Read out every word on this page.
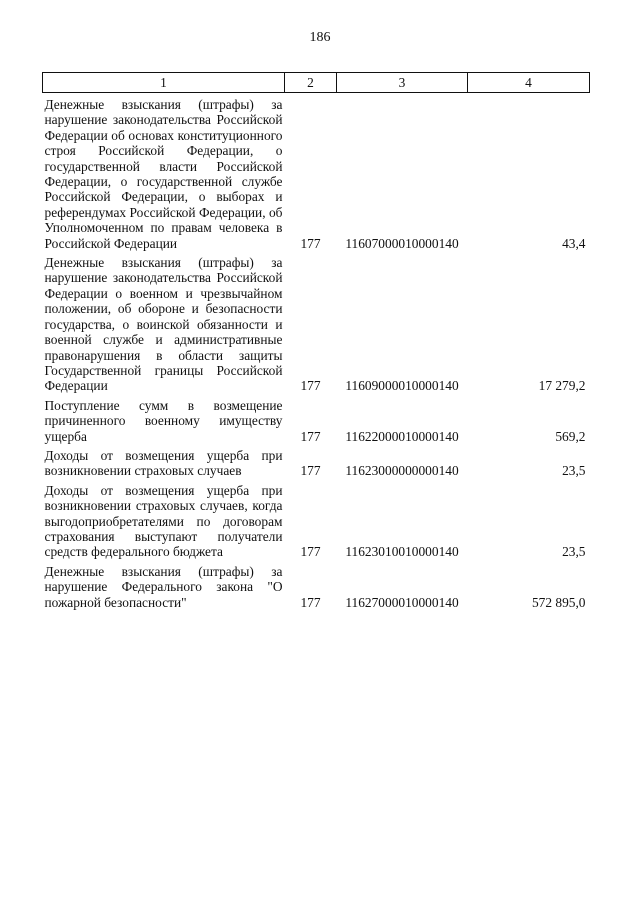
186
1	2	3	4
Денежные взыскания (штрафы) за нарушение законодательства Российской Федерации об основах конституционного строя Российской Федерации, о государственной власти Российской Федерации, о государственной службе Российской Федерации, о выборах и референдумах Российской Федерации, об Уполномоченном по правам человека в Российской Федерации	177	11607000010000140	43,4
Денежные взыскания (штрафы) за нарушение законодательства Российской Федерации о военном и чрезвычайном положении, об обороне и безопасности государства, о воинской обязанности и военной службе и административные правонарушения в области защиты Государственной границы Российской Федерации	177	11609000010000140	17 279,2
Поступление сумм в возмещение причиненного военному имуществу ущерба	177	11622000010000140	569,2
Доходы от возмещения ущерба при возникновении страховых случаев	177	11623000000000140	23,5
Доходы от возмещения ущерба при возникновении страховых случаев, когда выгодоприобретателями по договорам страхования выступают получатели средств федерального бюджета	177	11623010010000140	23,5
Денежные взыскания (штрафы) за нарушение Федерального закона "О пожарной безопасности"	177	11627000010000140	572 895,0
